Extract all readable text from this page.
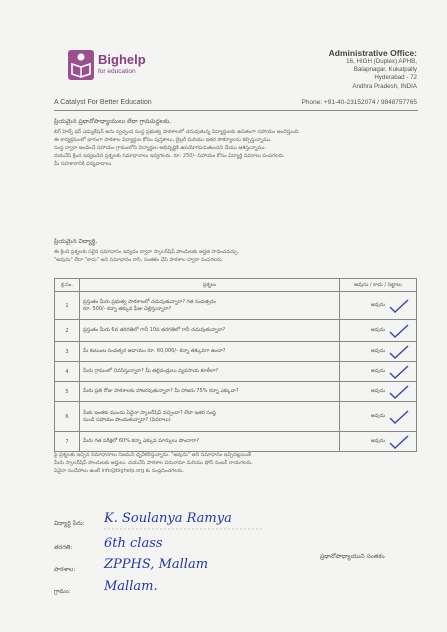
Bighelp
for education
A Catalyst For Better Education
Administrative Office:
16, HIGH (Duplex) APHB,
Balapnagar, Kukatpally
Hyderabad - 72
Andhra Pradesh, INDIA
Phone: +91-40-23152074 / 9848757765
ప్రియమైన ప్రధానోపాధ్యాయులు లేదా గ్రామపెద్దలకు,
బిగ్ హెల్ప్ ఫర్ ఎడ్యుకేషన్ అను స్వచ్ఛంద సంస్థ ప్రభుత్వ పాఠశాలలో చదువుతున్న విద్యార్థులకు ఉచితంగా సహాయం అందిస్తుంది.
ఈ కార్యక్రమంలో భాగంగా పాఠశాల విద్యార్థుల కోసం పుస్తకాలు, లైబ్రరీ మరియు ఇతర సౌకర్యాలను కల్పిస్తున్నాము.
సంస్థ ద్వారా అందించే సహాయం గ్రామంలోని విద్యార్థుల అభివృద్ధికి ఉపయోగపడుతుందని మేము ఆశిస్తున్నాము.
దయచేసి క్రింద ఇవ్వబడిన ప్రశ్నలకు సమాధానాలు ఇవ్వగలరు. రూ. 250/- సహాయం కోసం విద్యార్థి వివరాలు పంపగలరు.
మీ సహకారానికి ధన్యవాదాలు.
ప్రియమైన విద్యార్థి,
ఈ క్రింది ప్రశ్నలకు సరైన సమాధానం ఇవ్వడం ద్వారా స్కాలర్‌షిప్ పొందుటకు అర్హత సాధించవచ్చు.
"అవును" లేదా "కాదు" అని సమాధానం రాసి, సంతకం చేసి పాఠశాల ద్వారా పంపగలరు.
క్ర.సం.	ప్రశ్నలు	అవును / కాదు / సెట్టాలు
1	ప్రస్తుతం మీరు ప్రభుత్వ పాఠశాలలో చదువుతున్నారా? గత సంవత్సరం
రూ. 500/- కన్నా తక్కువ ఫీజు చెల్లిస్తున్నారా?	అవును

2	ప్రస్తుతం మీరు 6వ తరగతిలో గానీ 10వ తరగతిలో గానీ చదువుతున్నారా?	అవును

3	మీ కుటుంబ సంవత్సర ఆదాయం రూ. 60,000/- కన్నా తక్కువగా ఉందా?	అవును

4	మీరు గ్రామంలో నివసిస్తున్నారా? మీ తల్లిదండ్రులు వ్యవసాయ కూలీలా?	అవును

5	మీరు ప్రతి రోజు పాఠశాలకు హాజరవుతున్నారా? మీ హాజరు 75% కన్నా ఎక్కువా?	అవును

6	మీకు ఇంతకు ముందు ఏదైనా స్కాలర్‌షిప్ వచ్చిందా? లేదా ఇతర సంస్థ
నుండి సహాయం పొందుతున్నారా? (వివరాలు)	అవును

7	మీరు గత పరీక్షలో 60% కన్నా ఎక్కువ మార్కులు పొందారా?	అవును
పై ప్రశ్నలకు ఇచ్చిన సమాధానాలు నిజమని ధృవీకరిస్తున్నాను. "అవును" అని సమాధానం ఇచ్చినట్లయితే
మీరు స్కాలర్‌షిప్ పొందుటకు అర్హులు. దయచేసి పాఠశాల చిరునామా మరియు ఫోన్ నంబర్ రాయగలరు.
ఏవైనా సందేహాలు ఉంటే info@bighelp.org కు సంప్రదించగలరు.
విద్యార్థి పేరు: K. Soulanya Ramya
తరగతి: 6th class
పాఠశాల: ZPPHS, Mallam
గ్రామం:	Mallam.
ప్రధానోపాధ్యాయుని సంతకం
